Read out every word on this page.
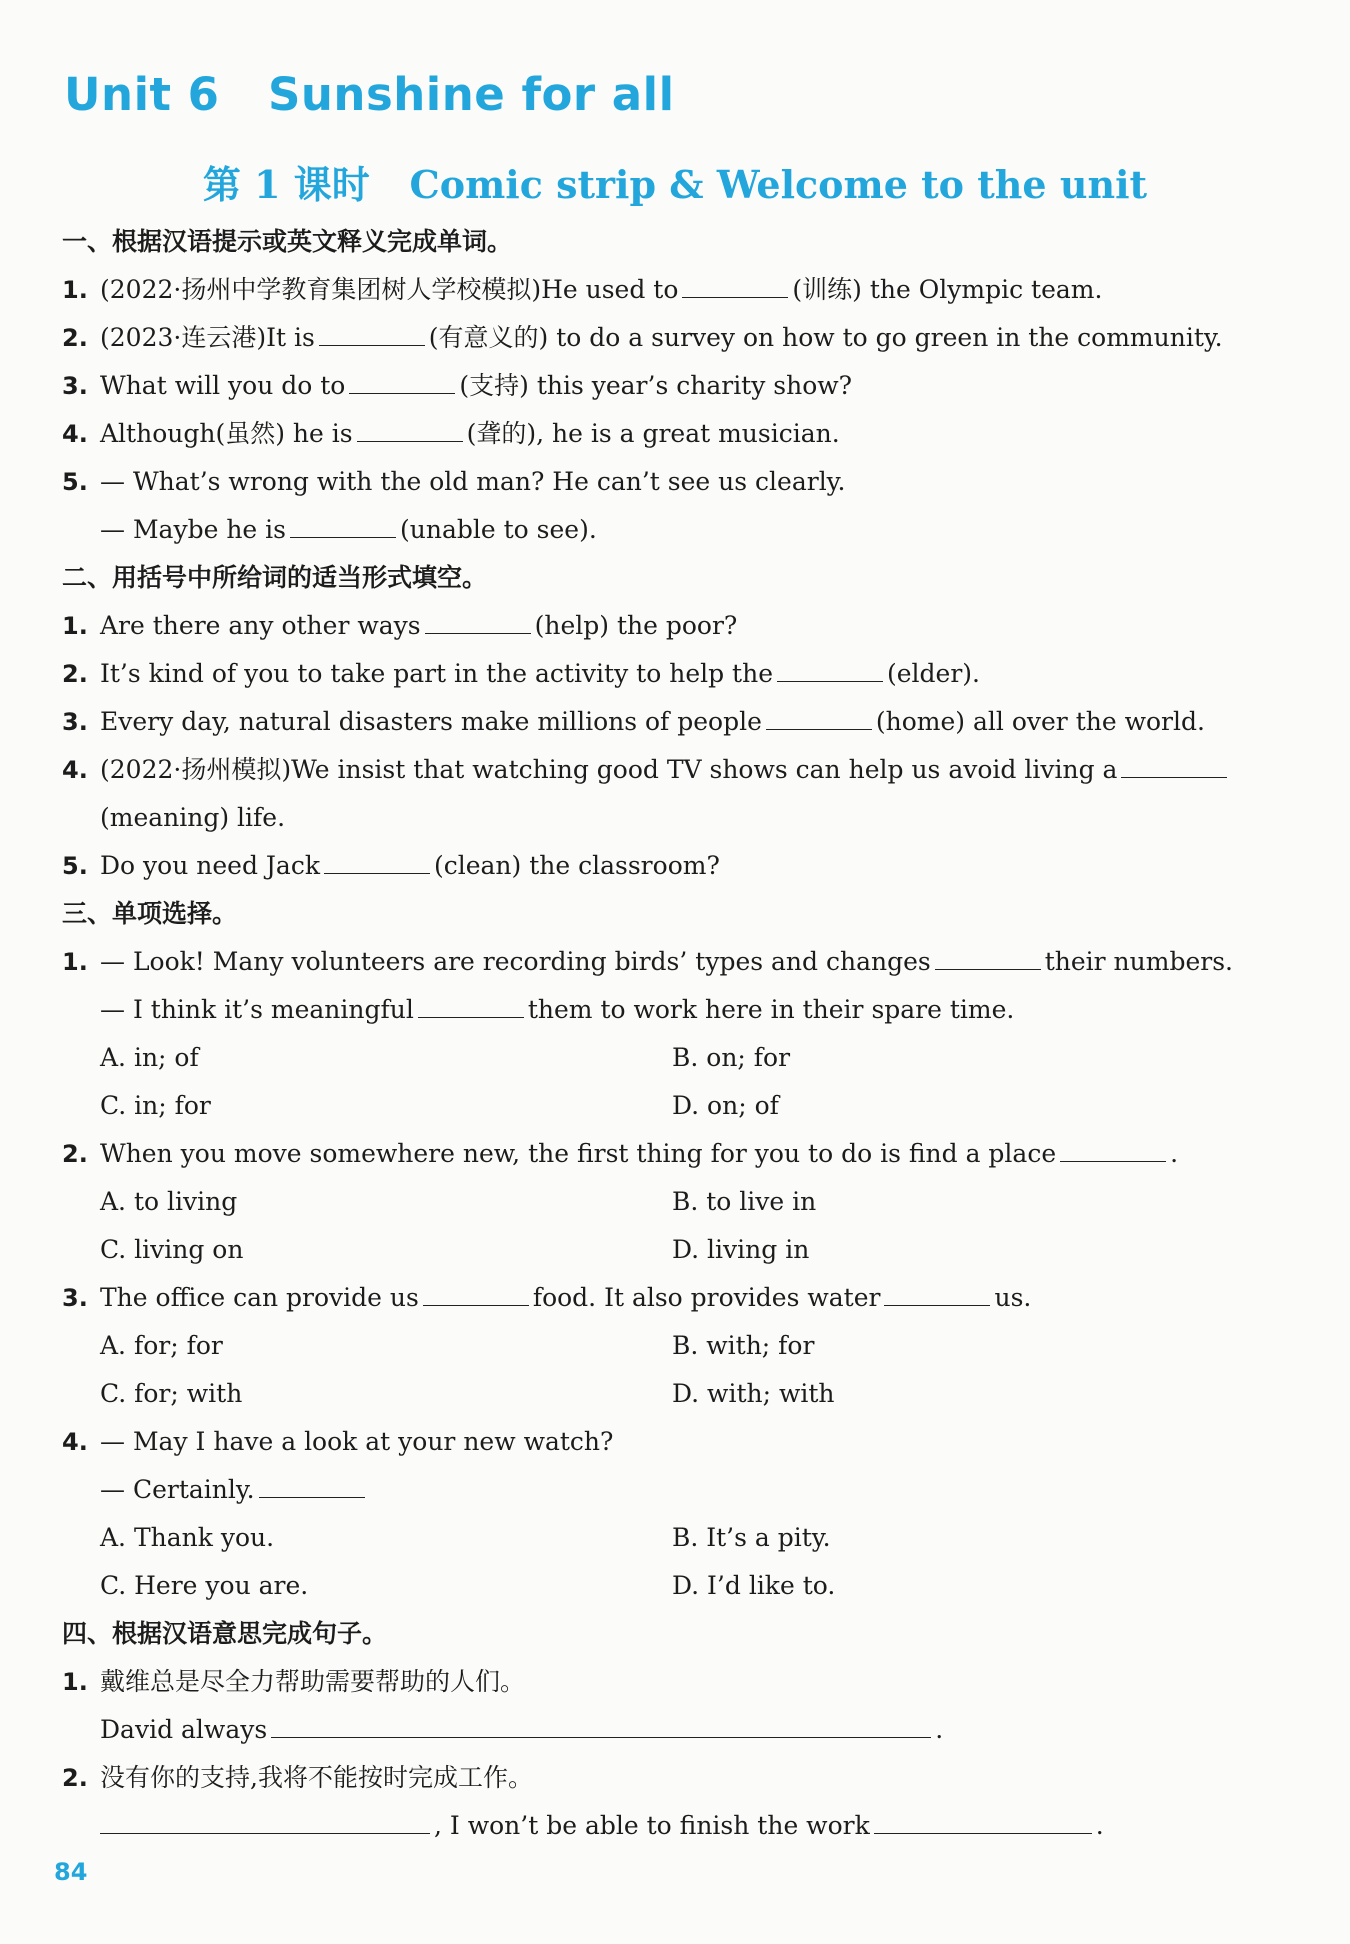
Unit 6   Sunshine for all
第 1 课时   Comic strip & Welcome to the unit
一、根据汉语提示或英文释义完成单词。
1. (2022·扬州中学教育集团树人学校模拟)He used to	(训练) the Olympic team.
2. (2023·连云港)It is	(有意义的) to do a survey on how to go green in the community.
3. What will you do to	(支持) this year’s charity show?
4. Although(虽然) he is	(聋的), he is a great musician.
5. — What’s wrong with the old man? He can’t see us clearly.
— Maybe he is	(unable to see).
二、用括号中所给词的适当形式填空。
1. Are there any other ways	(help) the poor?
2. It’s kind of you to take part in the activity to help the	(elder).
3. Every day, natural disasters make millions of people	(home) all over the world.
4. (2022·扬州模拟)We insist that watching good TV shows can help us avoid living a
(meaning) life.
5. Do you need Jack	(clean) the classroom?
三、单项选择。
1. — Look! Many volunteers are recording birds’ types and changes	their numbers.
— I think it’s meaningful	them to work here in their spare time.
A. in; of	B. on; for
C. in; for	D. on; of
2. When you move somewhere new, the first thing for you to do is find a place	.
A. to living	B. to live in
C. living on	D. living in
3. The office can provide us	food. It also provides water	us.
A. for; for	B. with; for
C. for; with	D. with; with
4. — May I have a look at your new watch?
— Certainly.
A. Thank you.	B. It’s a pity.
C. Here you are.	D. I’d like to.
四、根据汉语意思完成句子。
1. 戴维总是尽全力帮助需要帮助的人们。
David always	.
2. 没有你的支持,我将不能按时完成工作。
, I won’t be able to finish the work	.
84
